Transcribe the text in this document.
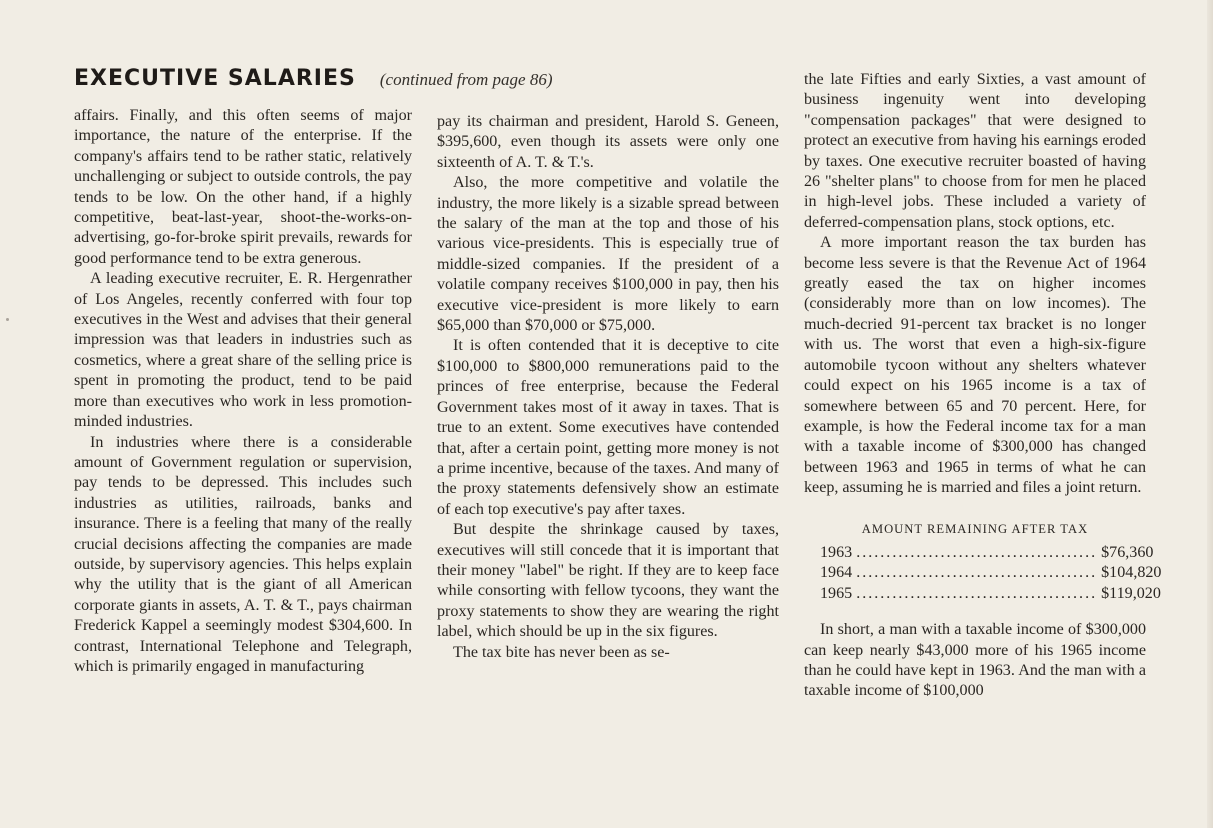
EXECUTIVE SALARIES (continued from page 86)

affairs. Finally, and this often seems of major importance, the nature of the enterprise. If the company's affairs tend to be rather static, relatively unchallenging or subject to outside controls, the pay tends to be low. On the other hand, if a highly competitive, beat-last-year, shoot-the-works-on-advertising, go-for-broke spirit prevails, rewards for good performance tend to be extra generous.

A leading executive recruiter, E. R. Hergenrather of Los Angeles, recently conferred with four top executives in the West and advises that their general impression was that leaders in industries such as cosmetics, where a great share of the selling price is spent in promoting the product, tend to be paid more than executives who work in less promotion-minded industries.

In industries where there is a considerable amount of Government regulation or supervision, pay tends to be depressed. This includes such industries as utilities, railroads, banks and insurance. There is a feeling that many of the really crucial decisions affecting the companies are made outside, by supervisory agencies. This helps explain why the utility that is the giant of all American corporate giants in assets, A. T. & T., pays chairman Frederick Kappel a seemingly modest $304,600. In contrast, International Telephone and Telegraph, which is primarily engaged in manufacturing

pay its chairman and president, Harold S. Geneen, $395,600, even though its assets were only one sixteenth of A. T. & T.'s.

Also, the more competitive and volatile the industry, the more likely is a sizable spread between the salary of the man at the top and those of his various vice-presidents. This is especially true of middle-sized companies. If the president of a volatile company receives $100,000 in pay, then his executive vice-president is more likely to earn $65,000 than $70,000 or $75,000.

It is often contended that it is deceptive to cite $100,000 to $800,000 remunerations paid to the princes of free enterprise, because the Federal Government takes most of it away in taxes. That is true to an extent. Some executives have contended that, after a certain point, getting more money is not a prime incentive, because of the taxes. And many of the proxy statements defensively show an estimate of each top executive's pay after taxes.

But despite the shrinkage caused by taxes, executives will still concede that it is important that their money "label" be right. If they are to keep face while consorting with fellow tycoons, they want the proxy statements to show they are wearing the right label, which should be up in the six figures.

The tax bite has never been as se-

the late Fifties and early Sixties, a vast amount of business ingenuity went into developing "compensation packages" that were designed to protect an executive from having his earnings eroded by taxes. One executive recruiter boasted of having 26 "shelter plans" to choose from for men he placed in high-level jobs. These included a variety of deferred-compensation plans, stock options, etc.

A more important reason the tax burden has become less severe is that the Revenue Act of 1964 greatly eased the tax on higher incomes (considerably more than on low incomes). The much-decried 91-percent tax bracket is no longer with us. The worst that even a high-six-figure automobile tycoon without any shelters whatever could expect on his 1965 income is a tax of somewhere between 65 and 70 percent. Here, for example, is how the Federal income tax for a man with a taxable income of $300,000 has changed between 1963 and 1965 in terms of what he can keep, assuming he is married and files a joint return.

AMOUNT REMAINING AFTER TAX
1963 ........................................ $76,360
1964 ........................................ $104,820
1965 ........................................ $119,020

In short, a man with a taxable income of $300,000 can keep nearly $43,000 more of his 1965 income than he could have kept in 1963. And the man with a taxable income of $100,000
